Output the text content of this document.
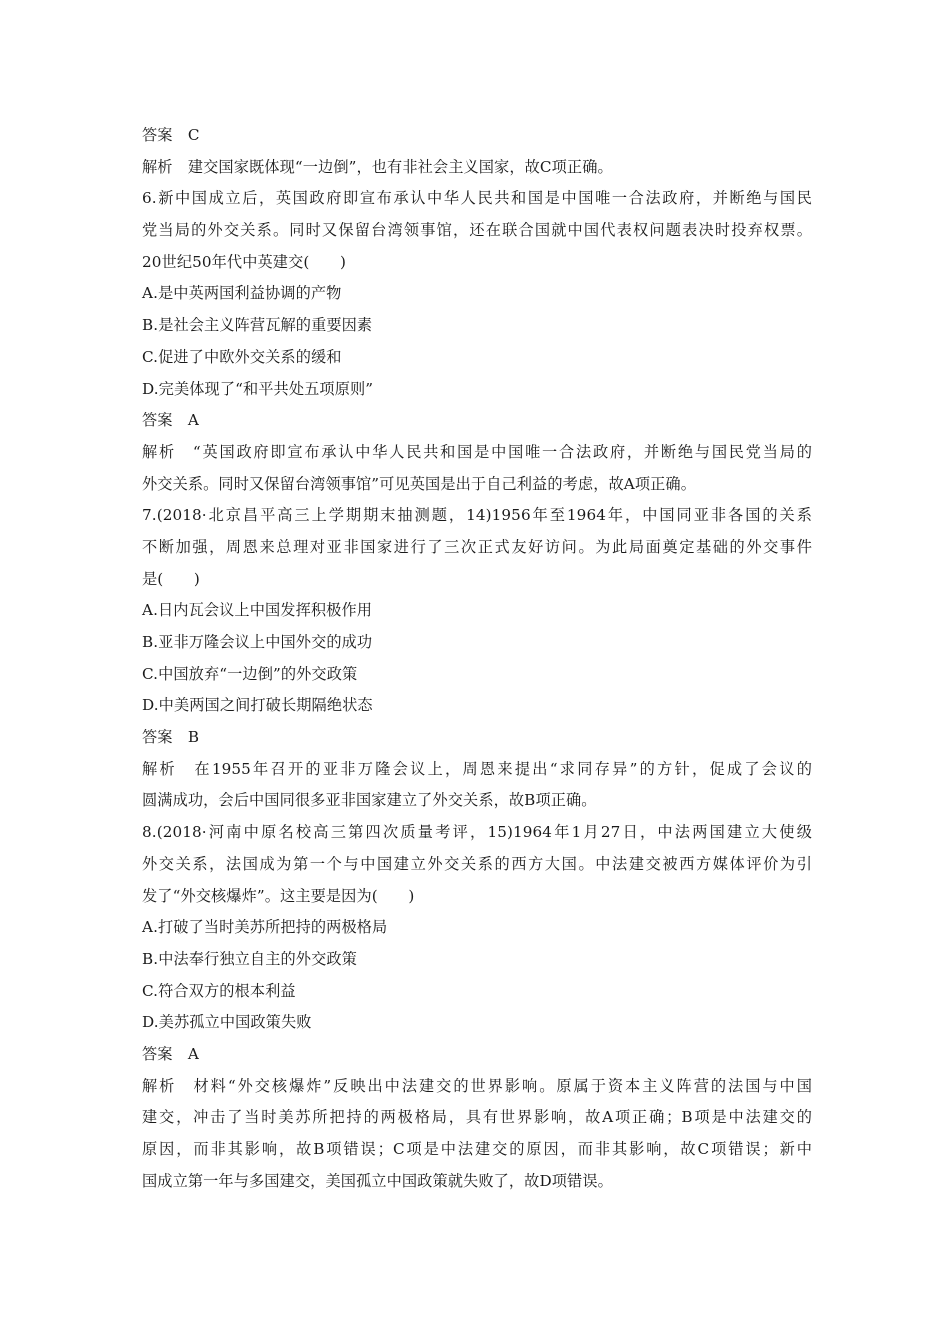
答案　C
解析　建交国家既体现“一边倒”，也有非社会主义国家，故C项正确。
6.新中国成立后，英国政府即宣布承认中华人民共和国是中国唯一合法政府，并断绝与国民
党当局的外交关系。同时又保留台湾领事馆，还在联合国就中国代表权问题表决时投弃权票。
20世纪50年代中英建交(　　)
A.是中英两国利益协调的产物
B.是社会主义阵营瓦解的重要因素
C.促进了中欧外交关系的缓和
D.完美体现了“和平共处五项原则”
答案　A
解析　“英国政府即宣布承认中华人民共和国是中国唯一合法政府，并断绝与国民党当局的
外交关系。同时又保留台湾领事馆”可见英国是出于自己利益的考虑，故A项正确。
7.(2018·北京昌平高三上学期期末抽测题，14)1956年至1964年，中国同亚非各国的关系
不断加强，周恩来总理对亚非国家进行了三次正式友好访问。为此局面奠定基础的外交事件
是(　　)
A.日内瓦会议上中国发挥积极作用
B.亚非万隆会议上中国外交的成功
C.中国放弃“一边倒”的外交政策
D.中美两国之间打破长期隔绝状态
答案　B
解析　在1955年召开的亚非万隆会议上，周恩来提出“求同存异”的方针，促成了会议的
圆满成功，会后中国同很多亚非国家建立了外交关系，故B项正确。
8.(2018·河南中原名校高三第四次质量考评，15)1964年1月27日，中法两国建立大使级
外交关系，法国成为第一个与中国建立外交关系的西方大国。中法建交被西方媒体评价为引
发了“外交核爆炸”。这主要是因为(　　)
A.打破了当时美苏所把持的两极格局
B.中法奉行独立自主的外交政策
C.符合双方的根本利益
D.美苏孤立中国政策失败
答案　A
解析　材料“外交核爆炸”反映出中法建交的世界影响。原属于资本主义阵营的法国与中国
建交，冲击了当时美苏所把持的两极格局，具有世界影响，故A项正确；B项是中法建交的
原因，而非其影响，故B项错误；C项是中法建交的原因，而非其影响，故C项错误；新中
国成立第一年与多国建交，美国孤立中国政策就失败了，故D项错误。
